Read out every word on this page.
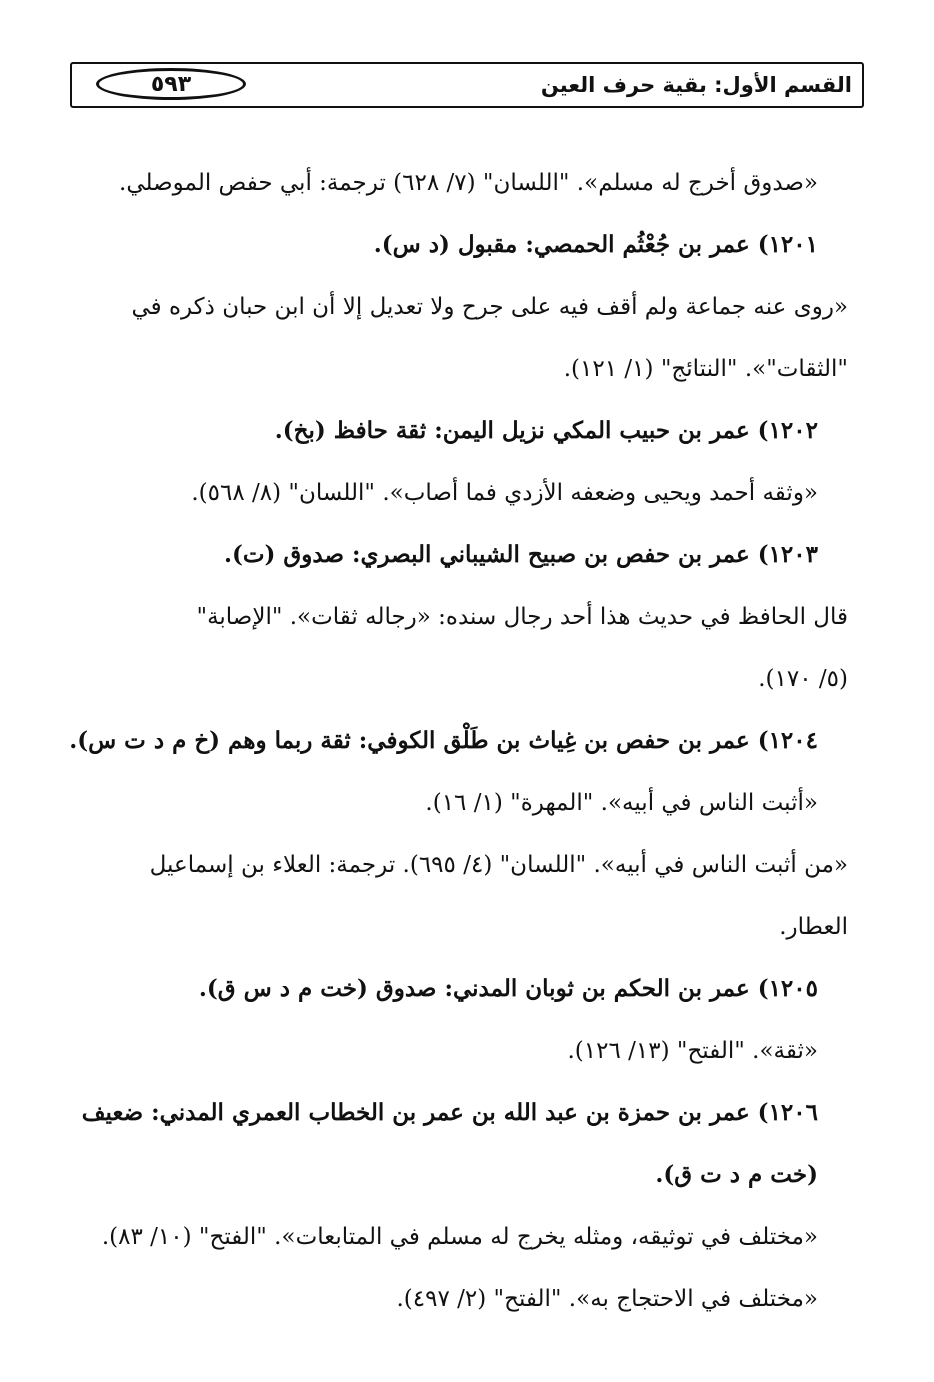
٥٩٣	القسم الأول: بقية حرف العين
«صدوق أخرج له مسلم». "اللسان" (٧/ ٦٢٨) ترجمة: أبي حفص الموصلي.
١٢٠١) عمر بن جُعْثُم الحمصي: مقبول (د س).
«روى عنه جماعة ولم أقف فيه على جرح ولا تعديل إلا أن ابن حبان ذكره في
"الثقات"». "النتائج" (١/ ١٢١).
١٢٠٢) عمر بن حبيب المكي نزيل اليمن: ثقة حافظ (بخ).
«وثقه أحمد ويحيى وضعفه الأزدي فما أصاب». "اللسان" (٨/ ٥٦٨).
١٢٠٣) عمر بن حفص بن صبيح الشيباني البصري: صدوق (ت).
قال الحافظ في حديث هذا أحد رجال سنده: «رجاله ثقات». "الإصابة"
(٥/ ١٧٠).
١٢٠٤) عمر بن حفص بن غِياث بن طَلْق الكوفي: ثقة ربما وهم (خ م د ت س).
«أثبت الناس في أبيه». "المهرة" (١/ ١٦).
«من أثبت الناس في أبيه». "اللسان" (٤/ ٦٩٥). ترجمة: العلاء بن إسماعيل
العطار.
١٢٠٥) عمر بن الحكم بن ثوبان المدني: صدوق (خت م د س ق).
«ثقة». "الفتح" (١٣/ ١٢٦).
١٢٠٦) عمر بن حمزة بن عبد الله بن عمر بن الخطاب العمري المدني: ضعيف
(خت م د ت ق).
«مختلف في توثيقه، ومثله يخرج له مسلم في المتابعات». "الفتح" (١٠/ ٨٣).
«مختلف في الاحتجاج به». "الفتح" (٢/ ٤٩٧).
